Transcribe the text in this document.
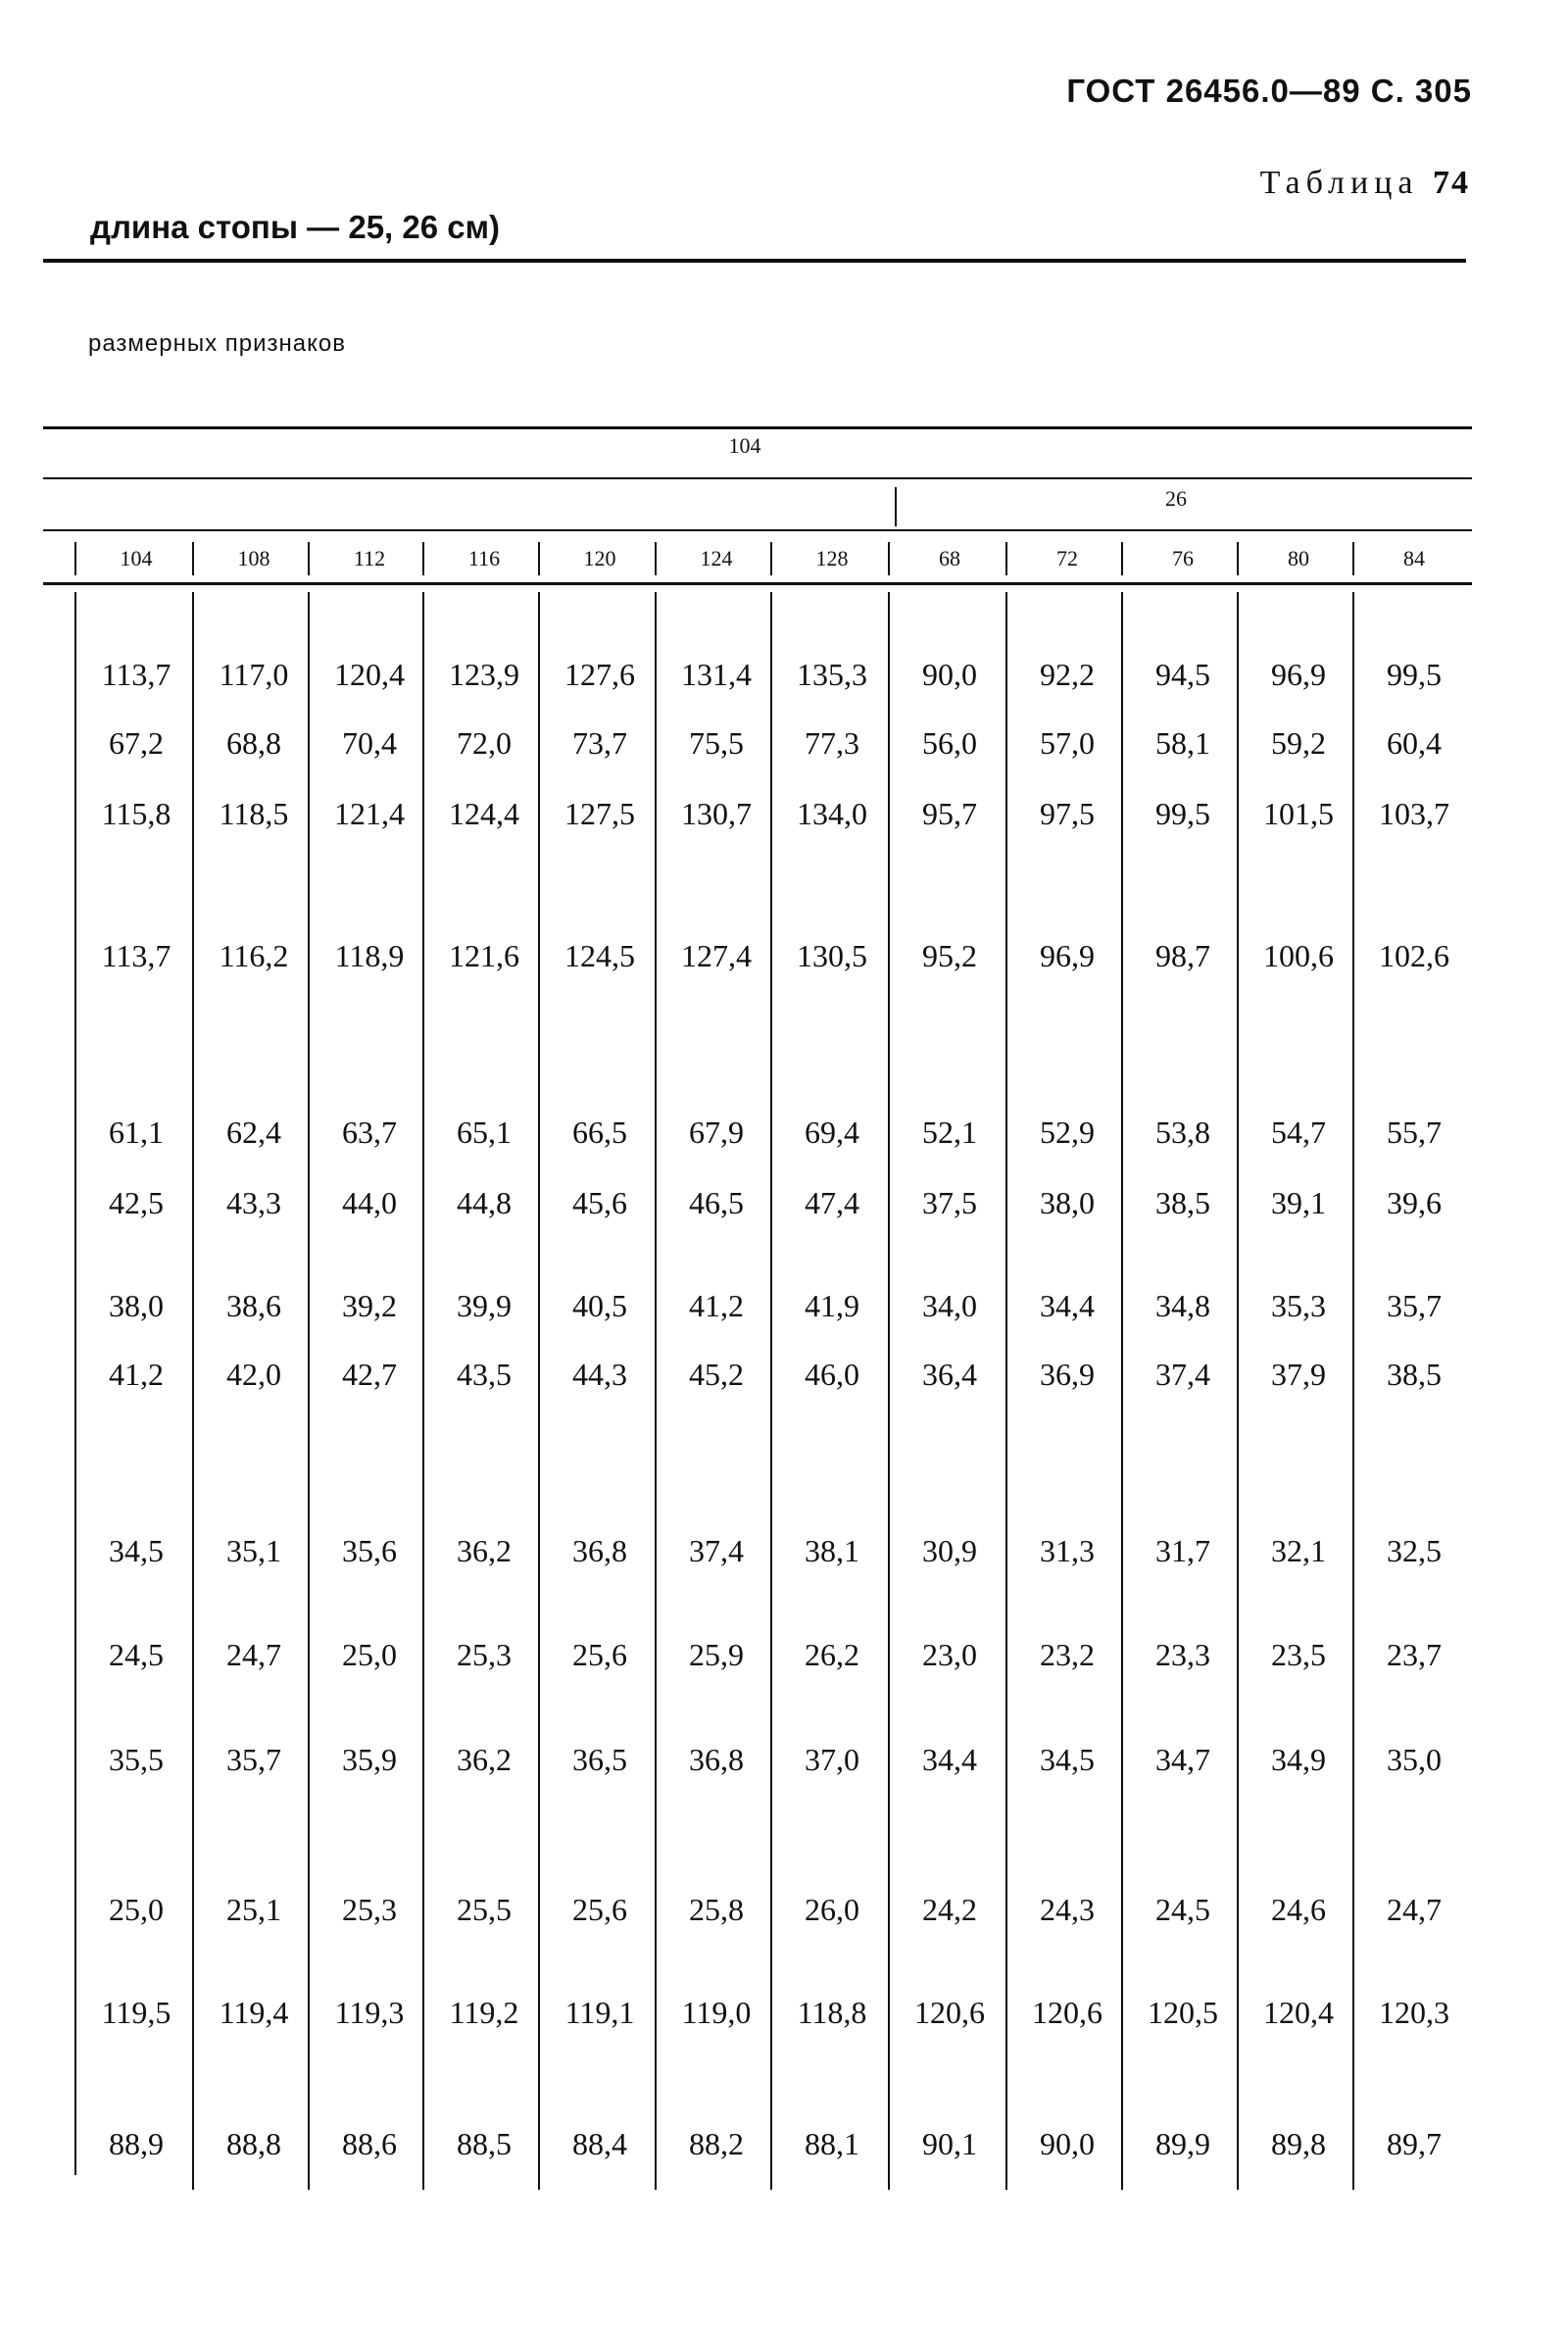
ГОСТ 26456.0—89 С. 305
Таблица 74
длина стопы — 25, 26 см)
размерных признаков
104
26
104	108	112	116	120	124	128	68	72	76	80	84
113,7	117,0	120,4	123,9	127,6	131,4	135,3	90,0	92,2	94,5	96,9	99,5
67,2	68,8	70,4	72,0	73,7	75,5	77,3	56,0	57,0	58,1	59,2	60,4
115,8	118,5	121,4	124,4	127,5	130,7	134,0	95,7	97,5	99,5	101,5	103,7
113,7	116,2	118,9	121,6	124,5	127,4	130,5	95,2	96,9	98,7	100,6	102,6
61,1	62,4	63,7	65,1	66,5	67,9	69,4	52,1	52,9	53,8	54,7	55,7
42,5	43,3	44,0	44,8	45,6	46,5	47,4	37,5	38,0	38,5	39,1	39,6
38,0	38,6	39,2	39,9	40,5	41,2	41,9	34,0	34,4	34,8	35,3	35,7
41,2	42,0	42,7	43,5	44,3	45,2	46,0	36,4	36,9	37,4	37,9	38,5
34,5	35,1	35,6	36,2	36,8	37,4	38,1	30,9	31,3	31,7	32,1	32,5
24,5	24,7	25,0	25,3	25,6	25,9	26,2	23,0	23,2	23,3	23,5	23,7
35,5	35,7	35,9	36,2	36,5	36,8	37,0	34,4	34,5	34,7	34,9	35,0
25,0	25,1	25,3	25,5	25,6	25,8	26,0	24,2	24,3	24,5	24,6	24,7
119,5	119,4	119,3	119,2	119,1	119,0	118,8	120,6	120,6	120,5	120,4	120,3
88,9	88,8	88,6	88,5	88,4	88,2	88,1	90,1	90,0	89,9	89,8	89,7
